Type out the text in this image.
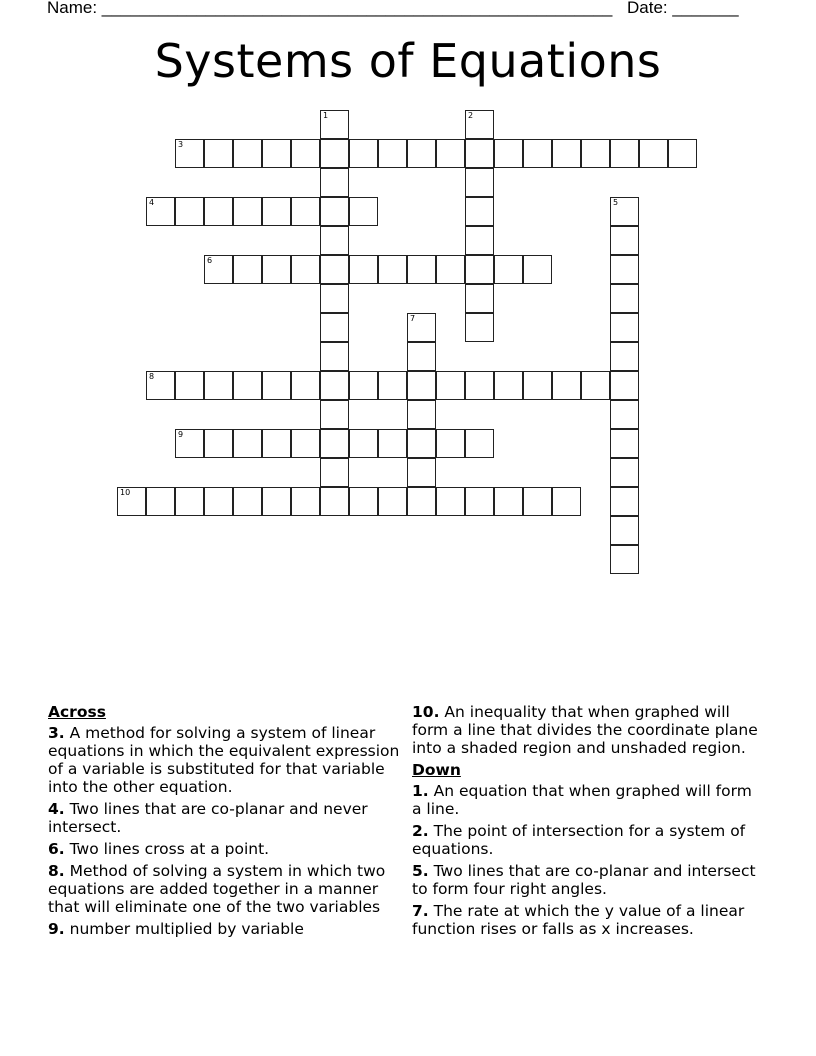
Name: ______________________________________________________ Date: _______
Systems of Equations
1	2
3
4	5
6
7
8
9
10
Across
3. A method for solving a system of linear equations in which the equivalent expression of a variable is substituted for that variable into the other equation.
4. Two lines that are co-planar and never intersect.
6. Two lines cross at a point.
8. Method of solving a system in which two equations are added together in a manner that will eliminate one of the two variables
9. number multiplied by variable
10. An inequality that when graphed will form a line that divides the coordinate plane into a shaded region and unshaded region.
Down
1. An equation that when graphed will form a line.
2. The point of intersection for a system of equations.
5. Two lines that are co-planar and intersect to form four right angles.
7. The rate at which the y value of a linear function rises or falls as x increases.
